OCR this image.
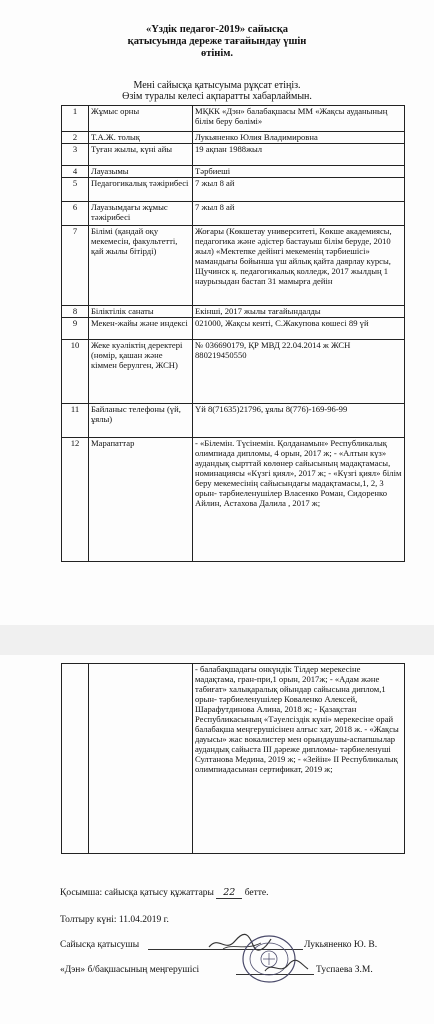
«Үздік педагог-2019» сайысқа
қатысуында дереже тағайындау үшін
өтінім.
Мені сайысқа қатысуыма рұқсат етіңіз.
Өзім туралы келесі ақпаратты хабарлаймын.
1	Жұмыс орны	МҚКК «Дэн» балабақшасы ММ «Жақсы ауданының білім беру бөлімі»
2	Т.А.Ж. толық	Лукьяненко Юлия Владимировна
3	Туған жылы, күні айы	19 ақпан 1988жыл
4	Лауазымы	Тәрбиеші
5	Педагогикалық тәжірибесі	7 жыл 8 ай
6	Лауазымдағы жұмыс тәжірибесі	7 жыл 8 ай
7	Білімі (қандай оқу мекемесін, факультетті, қай жылы бітірді)	Жоғары (Көкшетау университеті, Көкше академиясы, педагогика және әдістер бастауыш білім беруде, 2010 жыл) «Мектепке дейінгі мекеменің тәрбиешісі» мамандығы бойынша үш айлық қайта даярлау курсы, Щучинск қ. педагогикалық колледж, 2017 жылдың 1 наурызыдан бастап 31 мамырға дейін
8	Біліктілік санаты	Екінші, 2017 жылы тағайындалды
9	Мекен-жайы және индексі	021000, Жақсы кенті, С.Жакупова көшесі 89 үй
10	Жеке куәліктің деректері (нөмір, қашан және кіммен берулген, ЖСН)	№ 036690179, ҚР МВД 22.04.2014 ж ЖСН 880219450550
11	Байланыс телефоны (үй, ұялы)	Үй 8(71635)21796, ұялы 8(776)-169-96-99
12	Марапаттар	- «Білемін. Түсінемін. Қолданамын» Республикалық олимпиада дипломы, 4 орын, 2017 ж; - «Алтын күз» аудандық сырттай көлөнер сайысының мадақтамасы, номинациясы «Күзгі қиял», 2017 ж; - «Күзгі қиял» білім беру мекемесінің сайысындағы мадақтамасы,1, 2, 3 орын- тәрбиеленушілер Власенко Роман, Сидоренко Айлин, Астахова Далила , 2017 ж;
		- балабақшадағы онкүндік Тілдер мерекесіне мадақтама, гран-при,1 орын, 2017ж; - «Адам және табиғат» халықаралық ойындар сайысына диплом,1 орын- тәрбиеленушілер Коваленко Алексей, Шарафутдинова Алина, 2018 ж; - Қазақстан Республикасының «Тәуелсіздік күні» мерекесіне орай балабақша меңгерушісінен алғыс хат, 2018 ж. - «Жақсы дауысы» жас вокалистер мен орындаушы-аспапшылар аудандық сайыста ІІІ дәреже дипломы- тәрбиеленуші Султанова Медина, 2019 ж; - «Зейін» ІІ Республикалық олимпиадасынан сертификат, 2019 ж;
Қосымша: сайысқа қатысу құжаттары 22 бетте.
Толтыру күні: 11.04.2019 г.
Сайысқа қатысушы	Лукьяненко Ю. В.
«Дэн» б/бақшасының меңгерушісі	Туспаева З.М.
